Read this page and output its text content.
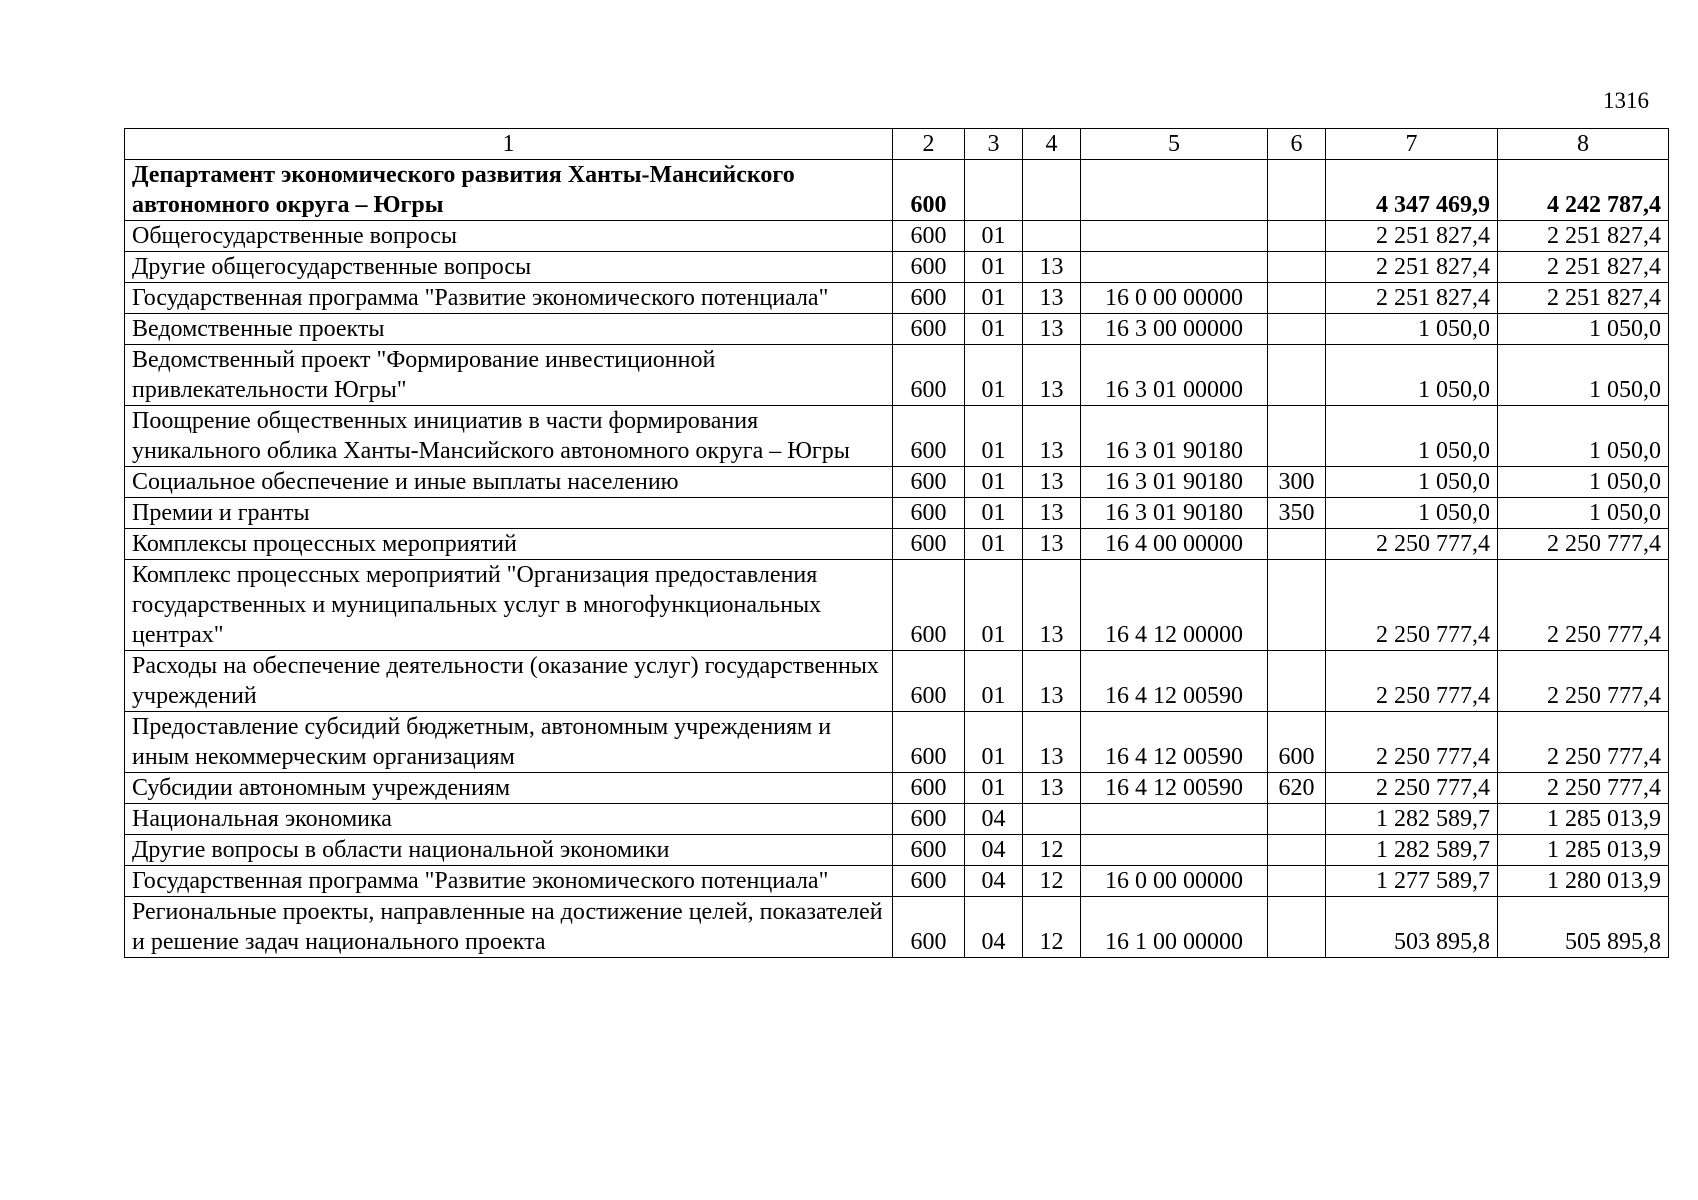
1316
1	2	3	4	5	6	7	8
Департамент экономического развития Ханты-Мансийского автономного округа – Югры	600					4 347 469,9	4 242 787,4
Общегосударственные вопросы	600	01				2 251 827,4	2 251 827,4
Другие общегосударственные вопросы	600	01	13			2 251 827,4	2 251 827,4
Государственная программа "Развитие экономического потенциала"	600	01	13	16 0 00 00000		2 251 827,4	2 251 827,4
Ведомственные проекты	600	01	13	16 3 00 00000		1 050,0	1 050,0
Ведомственный проект "Формирование инвестиционной привлекательности Югры"	600	01	13	16 3 01 00000		1 050,0	1 050,0
Поощрение общественных инициатив в части формирования уникального облика Ханты-Мансийского автономного округа – Югры	600	01	13	16 3 01 90180		1 050,0	1 050,0
Социальное обеспечение и иные выплаты населению	600	01	13	16 3 01 90180	300	1 050,0	1 050,0
Премии и гранты	600	01	13	16 3 01 90180	350	1 050,0	1 050,0
Комплексы процессных мероприятий	600	01	13	16 4 00 00000		2 250 777,4	2 250 777,4
Комплекс процессных мероприятий "Организация предоставления государственных и муниципальных услуг в многофункциональных центрах"	600	01	13	16 4 12 00000		2 250 777,4	2 250 777,4
Расходы на обеспечение деятельности (оказание услуг) государственных учреждений	600	01	13	16 4 12 00590		2 250 777,4	2 250 777,4
Предоставление субсидий бюджетным, автономным учреждениям и иным некоммерческим организациям	600	01	13	16 4 12 00590	600	2 250 777,4	2 250 777,4
Субсидии автономным учреждениям	600	01	13	16 4 12 00590	620	2 250 777,4	2 250 777,4
Национальная экономика	600	04				1 282 589,7	1 285 013,9
Другие вопросы в области национальной экономики	600	04	12			1 282 589,7	1 285 013,9
Государственная программа "Развитие экономического потенциала"	600	04	12	16 0 00 00000		1 277 589,7	1 280 013,9
Региональные проекты, направленные на достижение целей, показателей и решение задач национального проекта	600	04	12	16 1 00 00000		503 895,8	505 895,8
